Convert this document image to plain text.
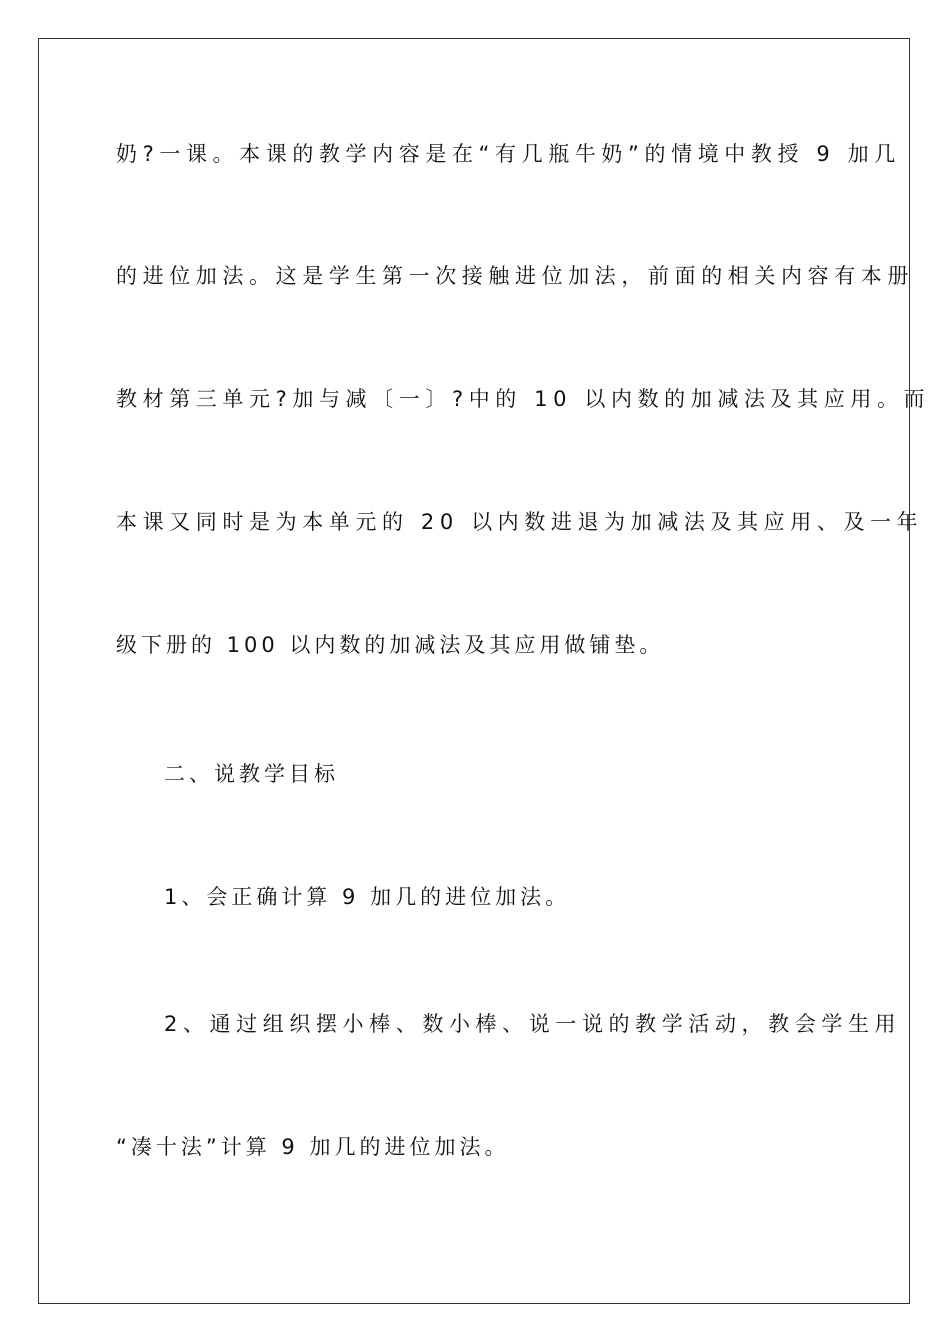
奶?一课。本课的教学内容是在“有几瓶牛奶”的情境中教授 9 加几
的进位加法。这是学生第一次接触进位加法，前面的相关内容有本册
教材第三单元?加与减〔一〕?中的 10 以内数的加减法及其应用。而
本课又同时是为本单元的 20 以内数进退为加减法及其应用、及一年
级下册的 100 以内数的加减法及其应用做铺垫。
二、说教学目标
1、会正确计算 9 加几的进位加法。
2、通过组织摆小棒、数小棒、说一说的教学活动，教会学生用
“凑十法”计算 9 加几的进位加法。
